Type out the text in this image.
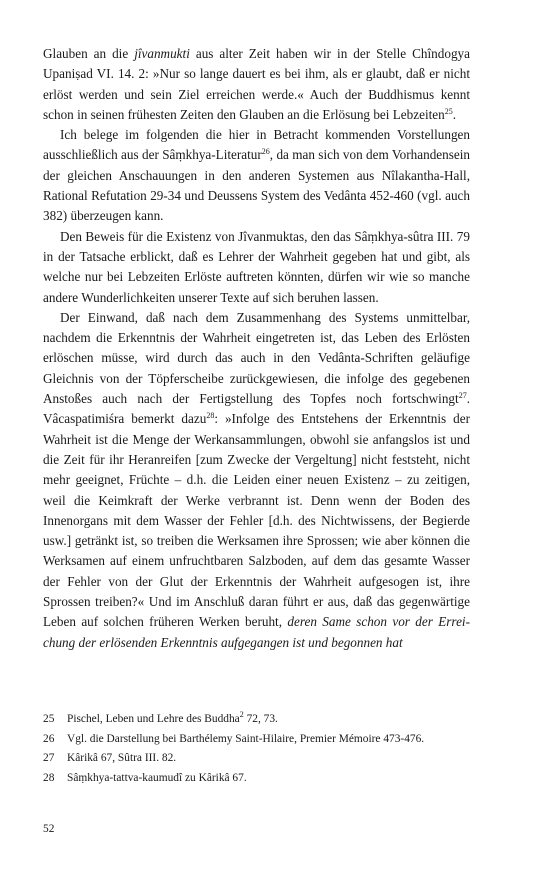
Glauben an die jîvanmukti aus alter Zeit haben wir in der Stelle Chîndogya Upaniṣad VI. 14. 2: »Nur so lange dauert es bei ihm, als er glaubt, daß er nicht erlöst werden und sein Ziel erreichen werde.« Auch der Buddhismus kennt schon in seinen frühesten Zeiten den Glauben an die Erlösung bei Lebzeiten$^{25}$.

Ich belege im folgenden die hier in Betracht kommenden Vorstellungen ausschließlich aus der Sâṃkhya-Literatur$^{26}$, da man sich von dem Vorhandensein der gleichen Anschauungen in den anderen Systemen aus Nîlakantha-Hall, Rational Refutation 29-34 und Deussens System des Vedânta 452-460 (vgl. auch 382) überzeugen kann.

Den Beweis für die Existenz von Jîvanmuktas, den das Sâṃkhya-sûtra III. 79 in der Tatsache erblickt, daß es Lehrer der Wahrheit gegeben hat und gibt, als welche nur bei Lebzeiten Erlöste auftreten könnten, dürfen wir wie so manche andere Wunderlichkeiten unserer Texte auf sich beruhen lassen.

Der Einwand, daß nach dem Zusammenhang des Systems unmittelbar, nachdem die Erkenntnis der Wahrheit eingetreten ist, das Leben des Erlösten erlöschen müsse, wird durch das auch in den Vedânta-Schriften geläufige Gleichnis von der Töpferscheibe zurückgewiesen, die infolge des gegebenen Anstoßes auch nach der Fertigstellung des Topfes noch fortschwingt$^{27}$. Vâcaspatimiśra bemerkt dazu$^{28}$: »Infolge des Entstehens der Erkenntnis der Wahrheit ist die Menge der Werkansammlungen, obwohl sie anfangslos ist und die Zeit für ihr Heranreifen [zum Zwecke der Vergeltung] nicht feststeht, nicht mehr geeignet, Früchte – d.h. die Leiden einer neuen Existenz – zu zeitigen, weil die Keimkraft der Werke verbrannt ist. Denn wenn der Boden des Innenorgans mit dem Wasser der Fehler [d.h. des Nichtwissens, der Begierde usw.] getränkt ist, so treiben die Werksamen ihre Sprossen; wie aber können die Werksamen auf einem unfruchtbaren Salzboden, auf dem das gesamte Wasser der Fehler von der Glut der Erkenntnis der Wahrheit aufgesogen ist, ihre Sprossen treiben?« Und im Anschluß daran führt er aus, daß das gegenwärtige Leben auf solchen früheren Werken beruht, deren Same schon vor der Erreichung der erlösenden Erkenntnis aufgegangen ist und begonnen hat

25	Pischel, Leben und Lehre des Buddha$^2$ 72, 73.
26	Vgl. die Darstellung bei Barthélemy Saint-Hilaire, Premier Mémoire 473-476.
27	Kârikâ 67, Sûtra III. 82.
28	Sâṃkhya-tattva-kaumudî zu Kârikâ 67.
52
